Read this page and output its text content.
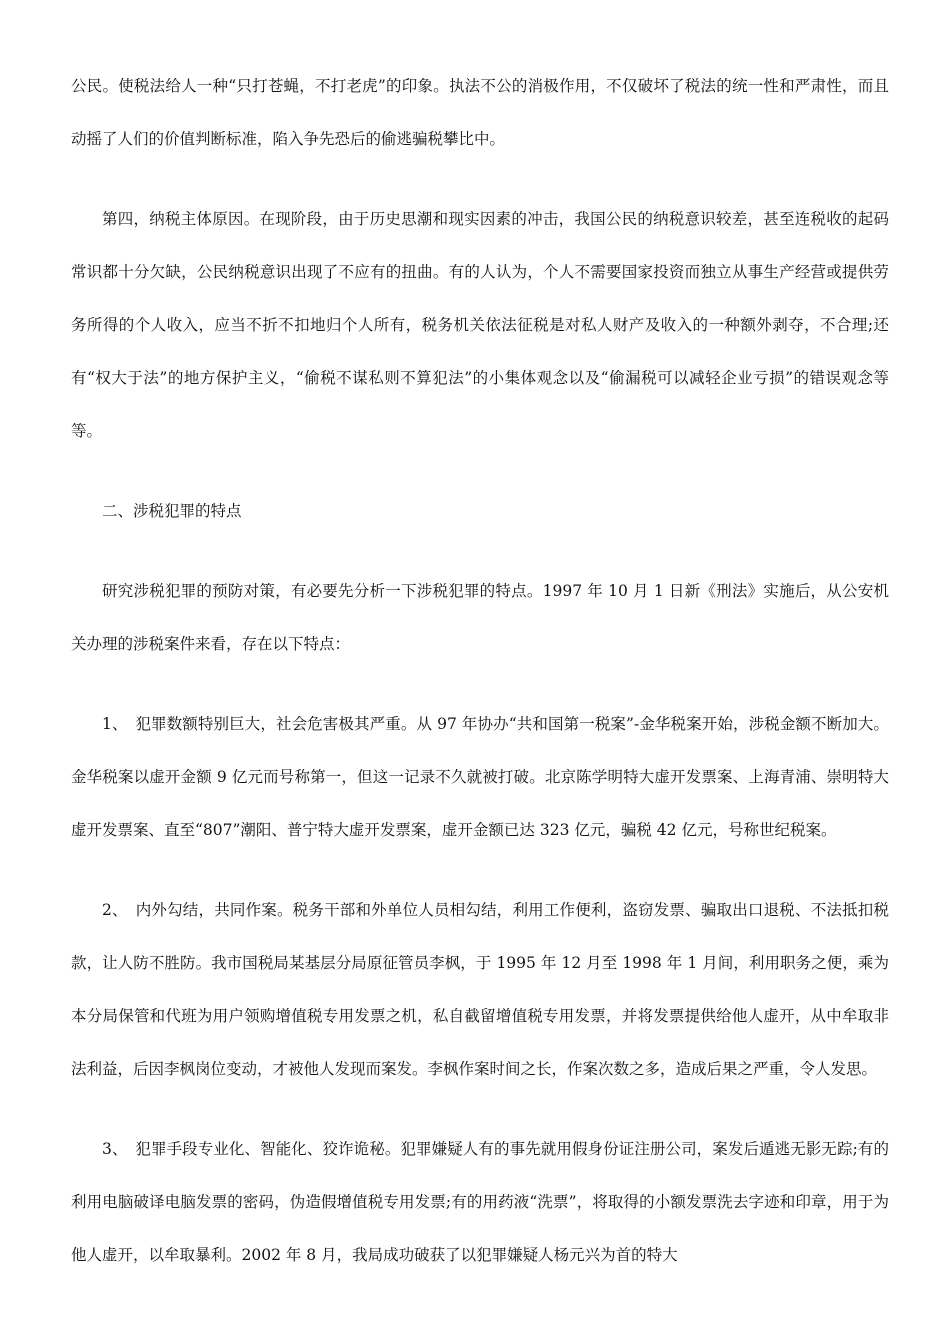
公民。使税法给人一种“只打苍蝇，不打老虎”的印象。执法不公的消极作用，不仅破坏了税法的统一性和严肃性，而且动摇了人们的价值判断标准，陷入争先恐后的偷逃骗税攀比中。

第四，纳税主体原因。在现阶段，由于历史思潮和现实因素的冲击，我国公民的纳税意识较差，甚至连税收的起码常识都十分欠缺，公民纳税意识出现了不应有的扭曲。有的人认为，个人不需要国家投资而独立从事生产经营或提供劳务所得的个人收入，应当不折不扣地归个人所有，税务机关依法征税是对私人财产及收入的一种额外剥夺，不合理;还有“权大于法”的地方保护主义，“偷税不谋私则不算犯法”的小集体观念以及“偷漏税可以减轻企业亏损”的错误观念等等。

二、涉税犯罪的特点

研究涉税犯罪的预防对策，有必要先分析一下涉税犯罪的特点。1997 年 10 月 1 日新《刑法》实施后，从公安机关办理的涉税案件来看，存在以下特点：

1、　犯罪数额特别巨大，社会危害极其严重。从 97 年协办“共和国第一税案”-金华税案开始，涉税金额不断加大。金华税案以虚开金额 9 亿元而号称第一，但这一记录不久就被打破。北京陈学明特大虚开发票案、上海青浦、崇明特大虚开发票案、直至“807”潮阳、普宁特大虚开发票案，虚开金额已达 323 亿元，骗税 42 亿元，号称世纪税案。

2、　内外勾结，共同作案。税务干部和外单位人员相勾结，利用工作便利，盗窃发票、骗取出口退税、不法抵扣税款，让人防不胜防。我市国税局某基层分局原征管员李枫，于 1995 年 12 月至 1998 年 1 月间，利用职务之便，乘为本分局保管和代班为用户领购增值税专用发票之机，私自截留增值税专用发票，并将发票提供给他人虚开，从中牟取非法利益，后因李枫岗位变动，才被他人发现而案发。李枫作案时间之长，作案次数之多，造成后果之严重，令人发思。

3、　犯罪手段专业化、智能化、狡诈诡秘。犯罪嫌疑人有的事先就用假身份证注册公司，案发后遁逃无影无踪;有的利用电脑破译电脑发票的密码，伪造假增值税专用发票;有的用药液“洗票”，将取得的小额发票洗去字迹和印章，用于为他人虚开，以牟取暴利。2002 年 8 月，我局成功破获了以犯罪嫌疑人杨元兴为首的特大
